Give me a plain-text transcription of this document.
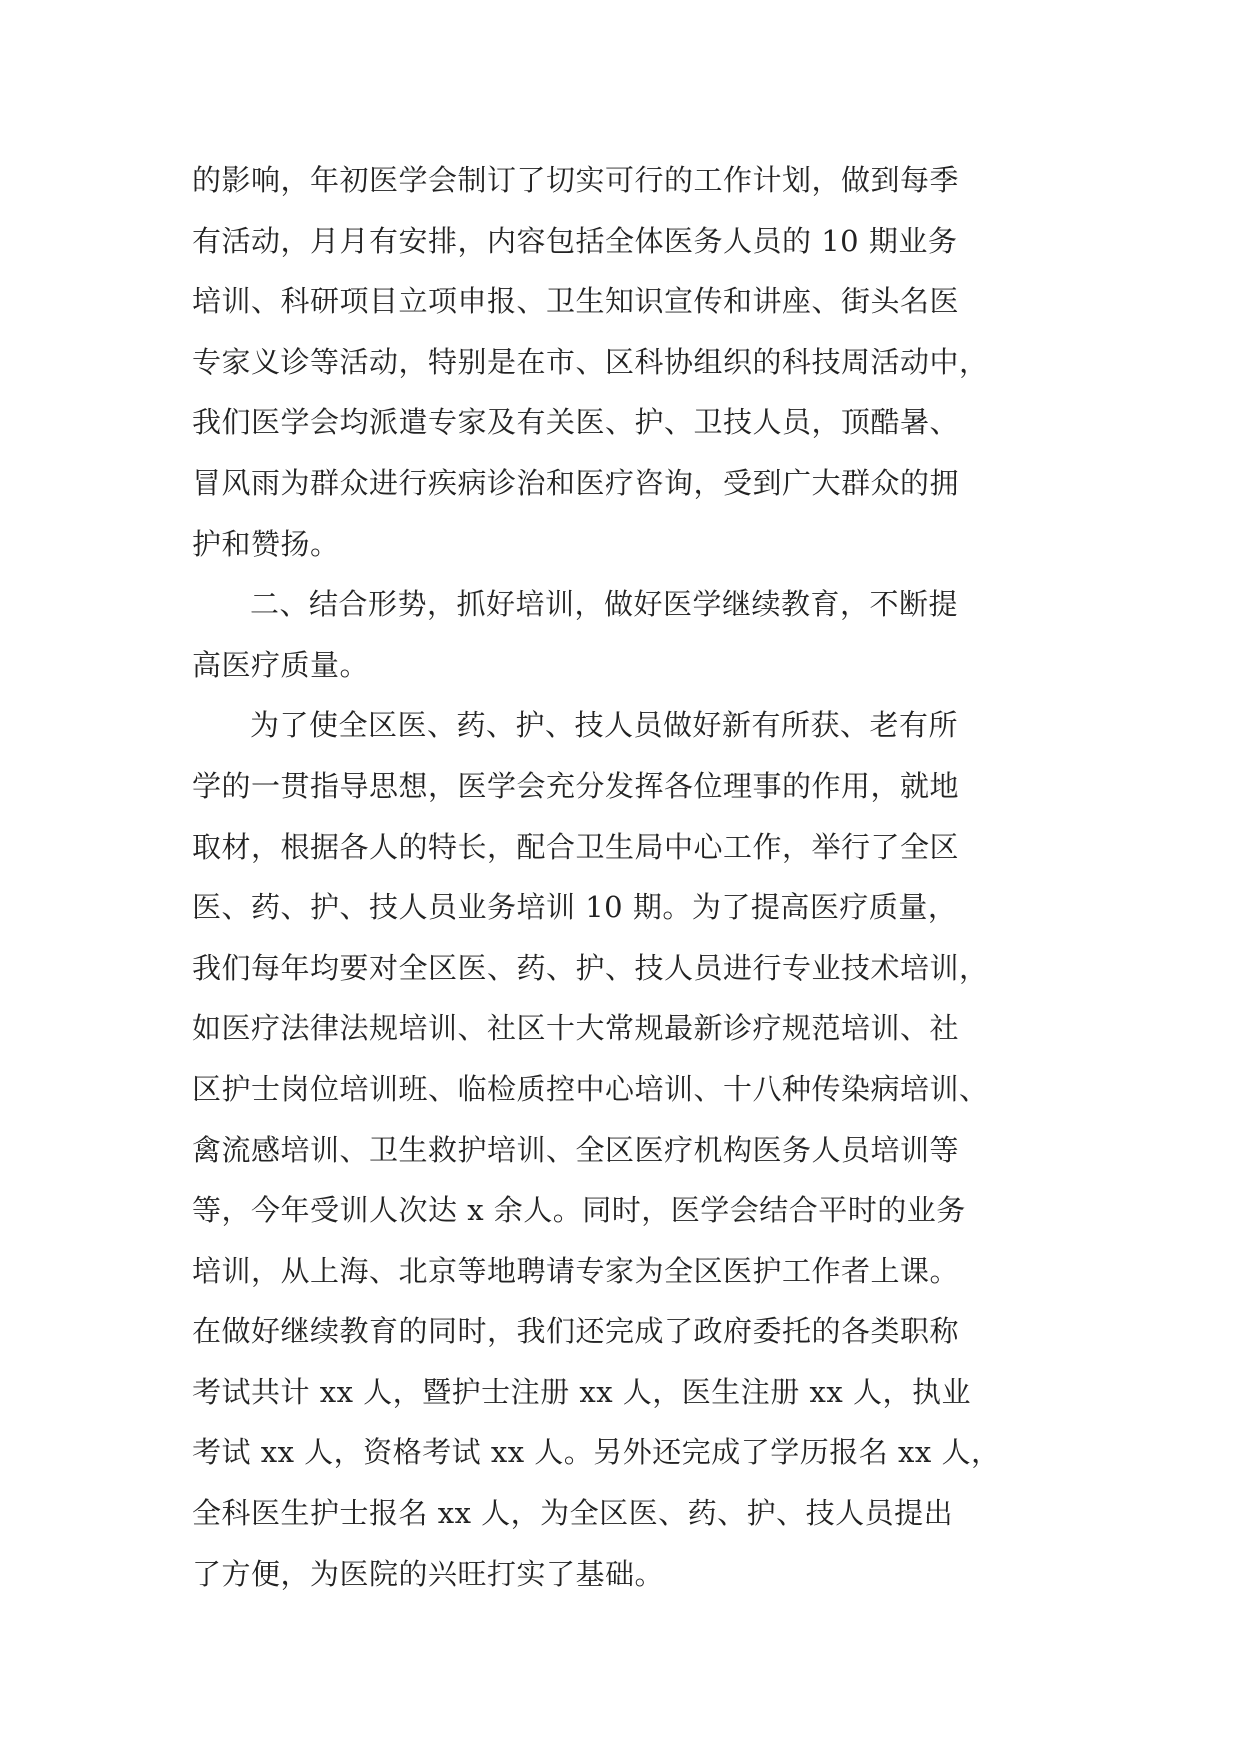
的影响，年初医学会制订了切实可行的工作计划，做到每季
有活动，月月有安排，内容包括全体医务人员的 10 期业务
培训、科研项目立项申报、卫生知识宣传和讲座、街头名医
专家义诊等活动，特别是在市、区科协组织的科技周活动中，
我们医学会均派遣专家及有关医、护、卫技人员，顶酷暑、
冒风雨为群众进行疾病诊治和医疗咨询，受到广大群众的拥
护和赞扬。
二、结合形势，抓好培训，做好医学继续教育，不断提
高医疗质量。
为了使全区医、药、护、技人员做好新有所获、老有所
学的一贯指导思想，医学会充分发挥各位理事的作用，就地
取材，根据各人的特长，配合卫生局中心工作，举行了全区
医、药、护、技人员业务培训 10 期。为了提高医疗质量，
我们每年均要对全区医、药、护、技人员进行专业技术培训，
如医疗法律法规培训、社区十大常规最新诊疗规范培训、社
区护士岗位培训班、临检质控中心培训、十八种传染病培训、
禽流感培训、卫生救护培训、全区医疗机构医务人员培训等
等，今年受训人次达 x 余人。同时，医学会结合平时的业务
培训，从上海、北京等地聘请专家为全区医护工作者上课。
在做好继续教育的同时，我们还完成了政府委托的各类职称
考试共计 xx 人，暨护士注册 xx 人，医生注册 xx 人，执业
考试 xx 人，资格考试 xx 人。另外还完成了学历报名 xx 人，
全科医生护士报名 xx 人，为全区医、药、护、技人员提出
了方便，为医院的兴旺打实了基础。
